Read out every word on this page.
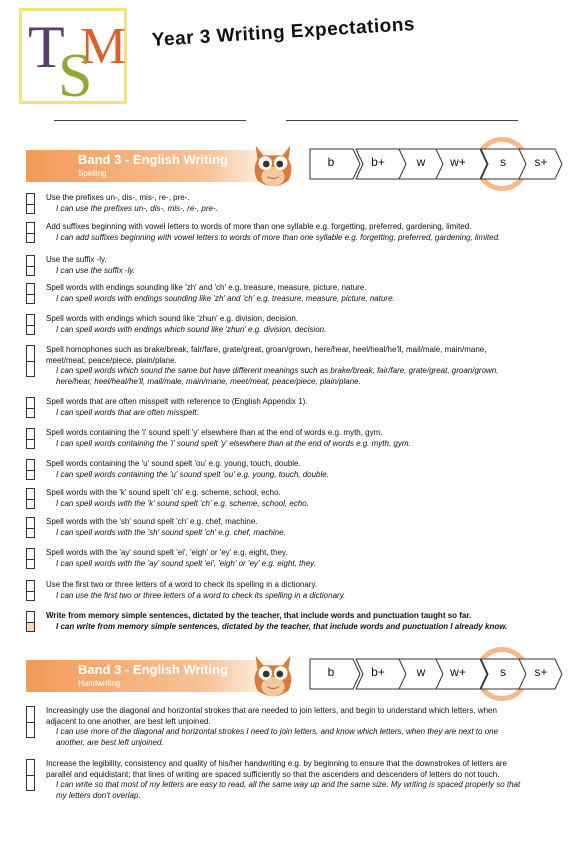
T M
S
Year 3 Writing Expectations
Band 3 - English Writing
Spelling
b	b+	w	w+	s	s+
Use the prefixes un-, dis-, mis-, re-, pre-.
I can use the prefixes un-, dis-, mis-, re-, pre-.
Add suffixes beginning with vowel letters to words of more than one syllable e.g. forgetting, preferred, gardening, limited.
I can add suffixes beginning with vowel letters to words of more than one syllable e.g. forgetting, preferred, gardening, limited.
Use the suffix -ly.
I can use the suffix -ly.
Spell words with endings sounding like 'zh' and 'ch' e.g. treasure, measure, picture, nature.
I can spell words with endings sounding like 'zh' and 'ch' e.g. treasure, measure, picture, nature.
Spell words with endings which sound like 'zhun' e.g. division, decision.
I can spell words with endings which sound like 'zhun' e.g. division, decision.
Spell homophones such as brake/break, fair/fare, grate/great, groan/grown, here/hear, heel/heal/he'll, mail/male, main/mane, meet/meat, peace/piece, plain/plane.
I can spell words which sound the same but have different meanings such as brake/break, fair/fare, grate/great, groan/grown, here/hear, heel/heal/he'll, mail/male, main/mane, meet/meat, peace/piece, plain/plane.
Spell words that are often misspelt with reference to (English Appendix 1).
I can spell words that are often misspelt.
Spell words containing the 'i' sound spelt 'y' elsewhere than at the end of words e.g. myth, gym.
I can spell words containing the 'i' sound spelt 'y' elsewhere than at the end of words e.g. myth, gym.
Spell words containing the 'u' sound spelt 'ou' e.g. young, touch, double.
I can spell words containing the 'u' sound spelt 'ou' e.g. young, touch, double.
Spell words with the 'k' sound spelt 'ch' e.g. scheme, school, echo.
I can spell words with the 'k' sound spelt 'ch' e.g. scheme, school, echo.
Spell words with the 'sh' sound spelt 'ch' e.g. chef, machine.
I can spell words with the 'sh' sound spelt 'ch' e.g. chef, machine.
Spell words with the 'ay' sound spelt 'ei', 'eigh' or 'ey' e.g. eight, they.
I can spell words with the 'ay' sound spelt 'ei', 'eigh' or 'ey' e.g. eight, they.
Use the first two or three letters of a word to check its spelling in a dictionary.
I can use the first two or three letters of a word to check its spelling in a dictionary.
Write from memory simple sentences, dictated by the teacher, that include words and punctuation taught so far.
I can write from memory simple sentences, dictated by the teacher, that include words and punctuation I already know.
Band 3 - English Writing
Handwriting
b	b+	w	w+	s	s+
Increasingly use the diagonal and horizontal strokes that are needed to join letters, and begin to understand which letters, when adjacent to one another, are best left unjoined.
I can use more of the diagonal and horizontal strokes I need to join letters, and know which letters, when they are next to one another, are best left unjoined.
Increase the legibility, consistency and quality of his/her handwriting e.g. by beginning to ensure that the downstrokes of letters are parallel and equidistant; that lines of writing are spaced sufficiently so that the ascenders and descenders of letters do not touch.
I can write so that most of my letters are easy to read, all the same way up and the same size. My writing is spaced properly so that my letters don't overlap.
